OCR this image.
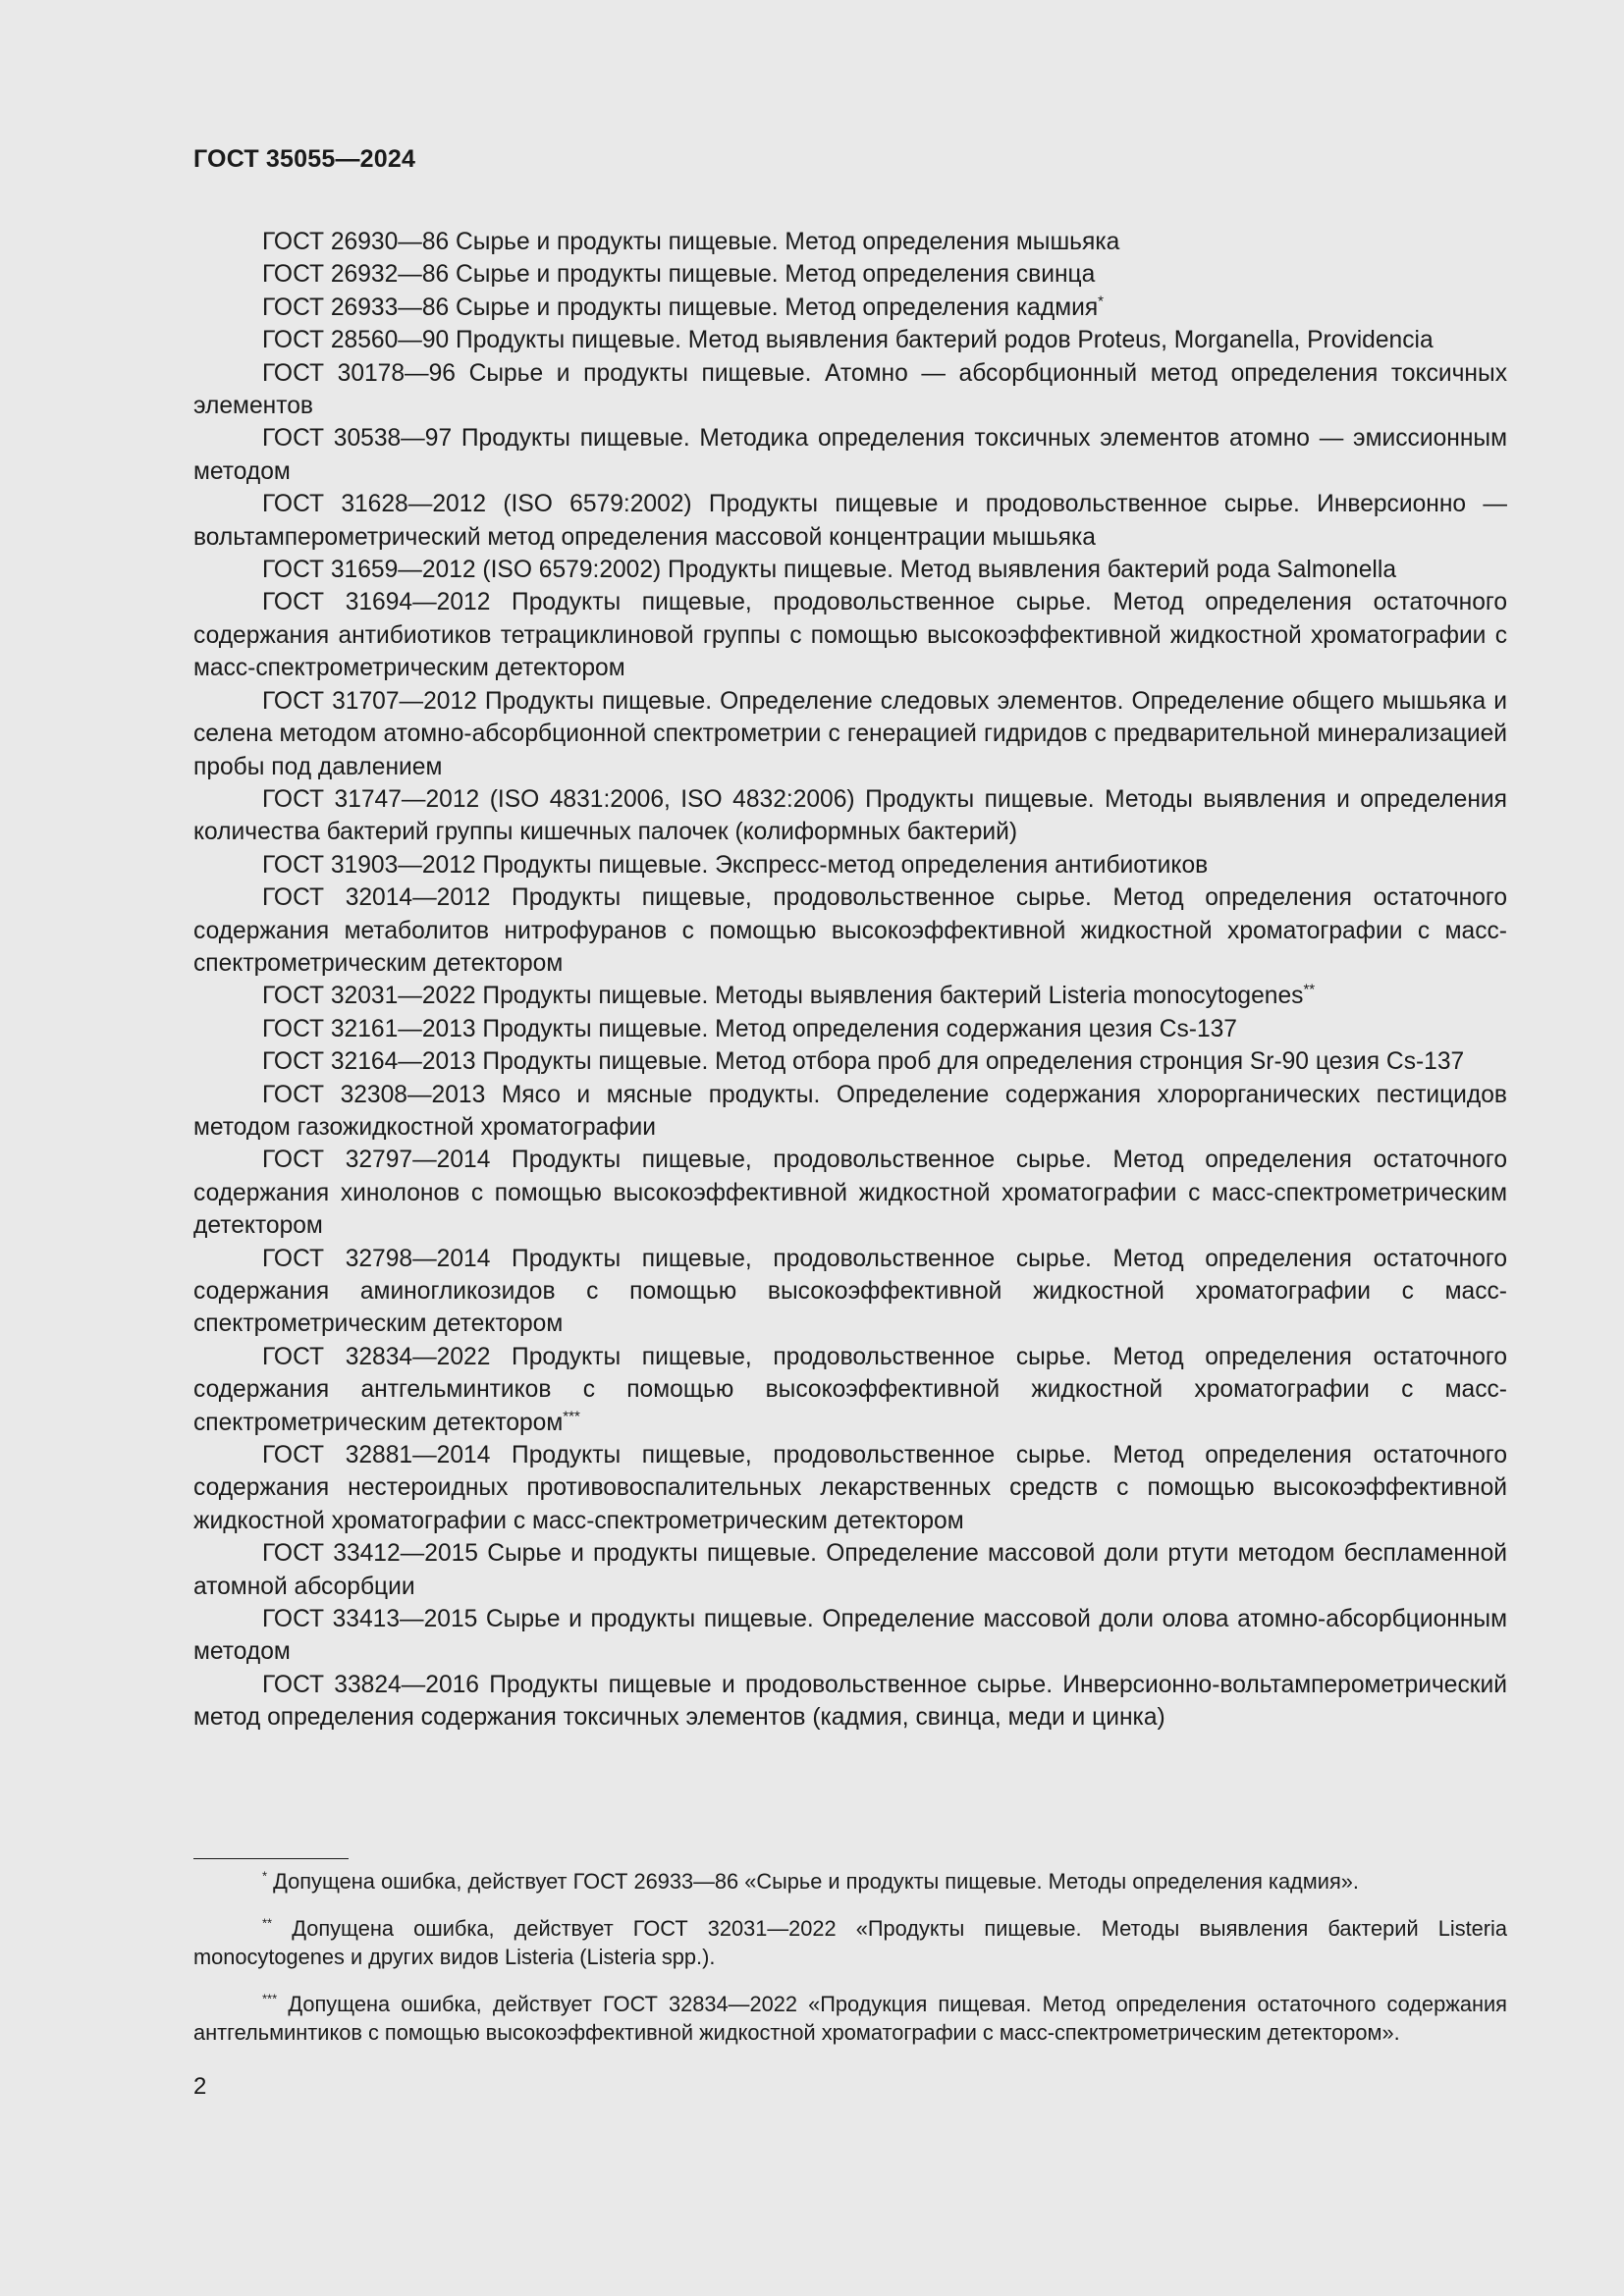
ГОСТ 35055—2024

ГОСТ 26930—86 Сырье и продукты пищевые. Метод определения мышьяка

ГОСТ 26932—86 Сырье и продукты пищевые. Метод определения свинца

ГОСТ 26933—86 Сырье и продукты пищевые. Метод определения кадмия*

ГОСТ 28560—90 Продукты пищевые. Метод выявления бактерий родов Proteus, Morganella, Providencia

ГОСТ 30178—96 Сырье и продукты пищевые. Атомно — абсорбционный метод определения токсичных элементов

ГОСТ 30538—97 Продукты пищевые. Методика определения токсичных элементов атомно — эмиссионным методом

ГОСТ 31628—2012 (ISO 6579:2002) Продукты пищевые и продовольственное сырье. Инверсионно — вольтамперометрический метод определения массовой концентрации мышьяка

ГОСТ 31659—2012 (ISO 6579:2002) Продукты пищевые. Метод выявления бактерий рода Salmonella

ГОСТ 31694—2012 Продукты пищевые, продовольственное сырье. Метод определения остаточного содержания антибиотиков тетрациклиновой группы с помощью высокоэффективной жидкостной хроматографии с масс-спектрометрическим детектором

ГОСТ 31707—2012 Продукты пищевые. Определение следовых элементов. Определение общего мышьяка и селена методом атомно-абсорбционной спектрометрии с генерацией гидридов с предварительной минерализацией пробы под давлением

ГОСТ 31747—2012 (ISO 4831:2006, ISO 4832:2006) Продукты пищевые. Методы выявления и определения количества бактерий группы кишечных палочек (колиформных бактерий)

ГОСТ 31903—2012 Продукты пищевые. Экспресс-метод определения антибиотиков

ГОСТ 32014—2012 Продукты пищевые, продовольственное сырье. Метод определения остаточного содержания метаболитов нитрофуранов с помощью высокоэффективной жидкостной хроматографии с масс-спектрометрическим детектором

ГОСТ 32031—2022 Продукты пищевые. Методы выявления бактерий Listeria monocytogenes**

ГОСТ 32161—2013 Продукты пищевые. Метод определения содержания цезия Cs-137

ГОСТ 32164—2013 Продукты пищевые. Метод отбора проб для определения стронция Sr-90 цезия Cs-137

ГОСТ 32308—2013 Мясо и мясные продукты. Определение содержания хлорорганических пестицидов методом газожидкостной хроматографии

ГОСТ 32797—2014 Продукты пищевые, продовольственное сырье. Метод определения остаточного содержания хинолонов с помощью высокоэффективной жидкостной хроматографии с масс-спектрометрическим детектором

ГОСТ 32798—2014 Продукты пищевые, продовольственное сырье. Метод определения остаточного содержания аминогликозидов с помощью высокоэффективной жидкостной хроматографии с масс-спектрометрическим детектором

ГОСТ 32834—2022 Продукты пищевые, продовольственное сырье. Метод определения остаточного содержания антгельминтиков с помощью высокоэффективной жидкостной хроматографии с масс-спектрометрическим детектором***

ГОСТ 32881—2014 Продукты пищевые, продовольственное сырье. Метод определения остаточного содержания нестероидных противовоспалительных лекарственных средств с помощью высокоэффективной жидкостной хроматографии с масс-спектрометрическим детектором

ГОСТ 33412—2015 Сырье и продукты пищевые. Определение массовой доли ртути методом беспламенной атомной абсорбции

ГОСТ 33413—2015 Сырье и продукты пищевые. Определение массовой доли олова атомно-абсорбционным методом

ГОСТ 33824—2016 Продукты пищевые и продовольственное сырье. Инверсионно-вольтамперометрический метод определения содержания токсичных элементов (кадмия, свинца, меди и цинка)

* Допущена ошибка, действует ГОСТ 26933—86 «Сырье и продукты пищевые. Методы определения кадмия».

** Допущена ошибка, действует ГОСТ 32031—2022 «Продукты пищевые. Методы выявления бактерий Listeria monocytogenes и других видов Listeria (Listeria spp.).

*** Допущена ошибка, действует ГОСТ 32834—2022 «Продукция пищевая. Метод определения остаточного содержания антгельминтиков с помощью высокоэффективной жидкостной хроматографии с масс-спектрометрическим детектором».

2
